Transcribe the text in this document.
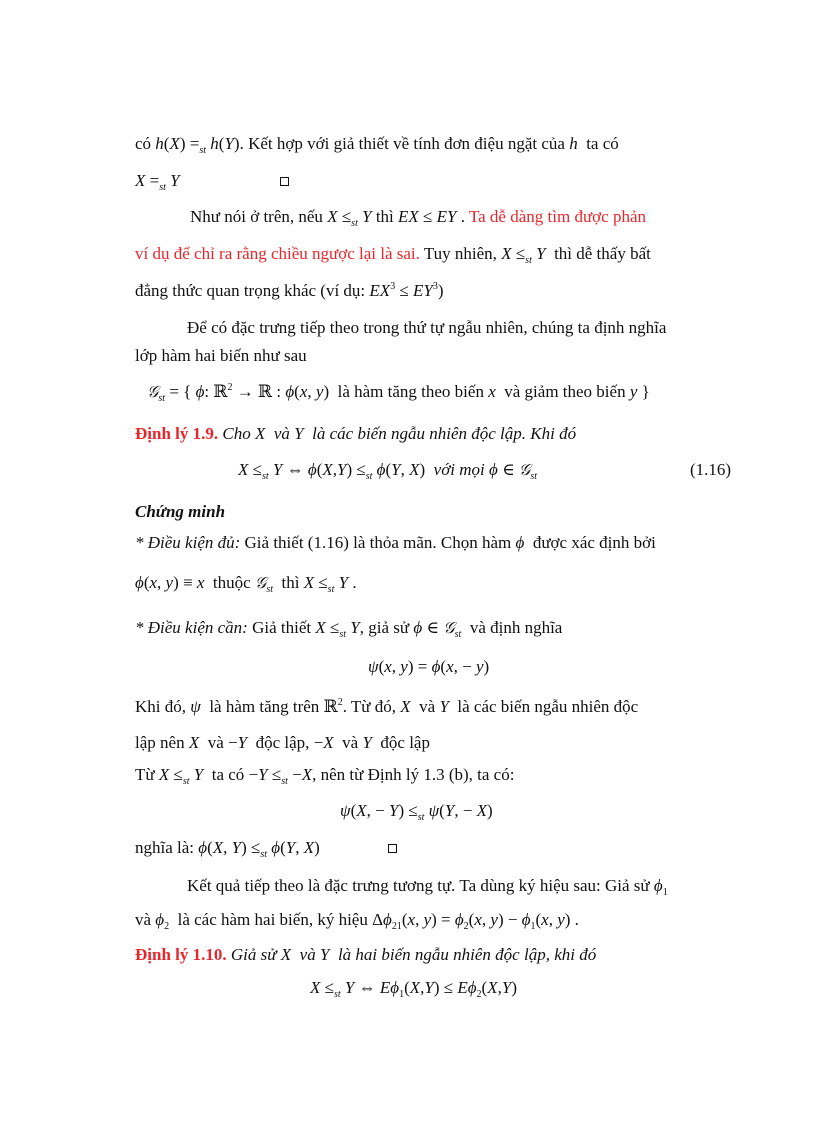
có $h(X) =_{st}$ h(Y). Kết hợp với giả thiết về tính đơn điệu ngặt của h ta có
$X =_{st}$ Y
Như nói ở trên, nếu $X \le_{st}$ Y thì EX ≤ EY . Ta dễ dàng tìm được phản
ví dụ để chỉ ra rằng chiều ngược lại là sai. Tuy nhiên, $X \le_{st}$ Y thì dễ thấy bất
đẳng thức quan trọng khác (ví dụ: $EX^3 \le EY^3$)
Để có đặc trưng tiếp theo trong thứ tự ngẫu nhiên, chúng ta định nghĩa
lớp hàm hai biến như sau
𝒢$_{st}$ = { ϕ: ℝ$^2$ → ℝ : ϕ(x, y)  là hàm tăng theo biến x và giảm theo biến y }
Định lý 1.9. Cho X và Y là các biến ngẫu nhiên độc lập. Khi đó
$X \le_{st}$ Y ⇔ $\phi(X,Y) \le_{st}$ ϕ(Y, X)  với mọi ϕ ∈ 𝒢$_{st}$	(1.16)
Chứng minh
* Điều kiện đủ: Giả thiết (1.16) là thỏa mãn. Chọn hàm ϕ được xác định bởi
ϕ(x, y) ≡ x thuộc 𝒢$_{st}$ thì $X \le_{st}$ Y .
* Điều kiện cần: Giả thiết $X \le_{st}$ Y, giả sử ϕ ∈ 𝒢$_{st}$ và định nghĩa
ψ(x, y) = ϕ(x, − y)
Khi đó, ψ là hàm tăng trên ℝ$^2$. Từ đó, X và Y là các biến ngẫu nhiên độc
lập nên X và −Y độc lập, −X và Y độc lập
Từ $X \le_{st}$ Y ta có $-Y \le_{st} -X$, nên từ Định lý 1.3 (b), ta có:
ψ(X, − $Y) \le_{st}$ ψ(Y, − X)
nghĩa là: ϕ(X, $Y) \le_{st}$ ϕ(Y, X)
Kết quả tiếp theo là đặc trưng tương tự. Ta dùng ký hiệu sau: Giả sử $\phi_1$
và $\phi_2$ là các hàm hai biến, ký hiệu $\Delta\phi_{21}(x$, $y) = \phi_2(x$, $y) - \phi_1(x$, y) .
Định lý 1.10. Giả sử X và Y là hai biến ngẫu nhiên độc lập, khi đó
$X \le_{st}$ Y ⇔ $E\phi_1(X,Y) \le E\phi_2(X,Y)$
